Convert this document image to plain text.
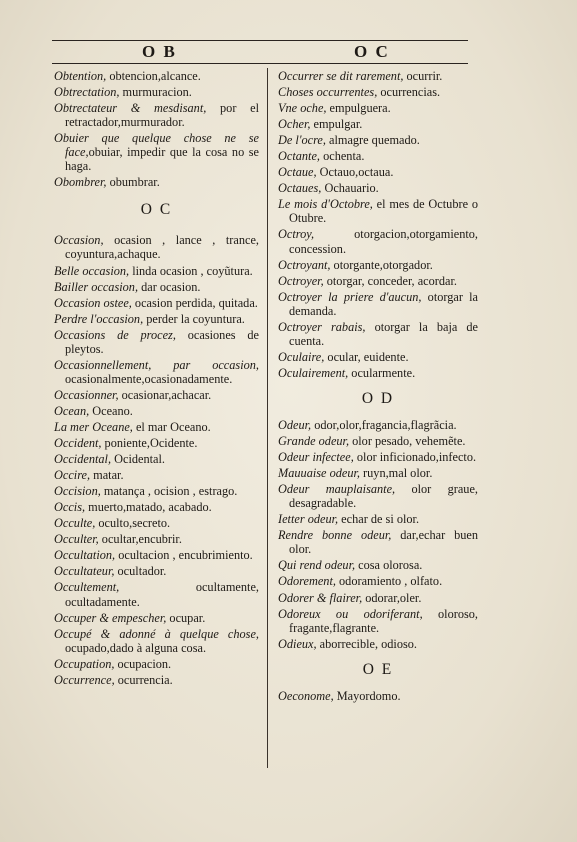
O B	O C
Obtention, obtencion,alcance.
Obtrectation, murmuracion.
Obtrectateur & mesdisant, por el retractador,murmurador.
Obuier que quelque chose ne se face,obuiar, impedir que la cosa no se haga.
Obombrer, obumbrar.
O C
Occasion, ocasion , lance , trance, coyuntura,achaque.
Belle occasion, linda ocasion , coyũtura.
Bailler occasion, dar ocasion.
Occasion ostee, ocasion perdida, quitada.
Perdre l'occasion, perder la coyuntura.
Occasions de procez, ocasiones de pleytos.
Occasionnellement, par occasion, ocasionalmente,ocasionadamente.
Occasionner, ocasionar,achacar.
Ocean, Oceano.
La mer Oceane, el mar Oceano.
Occident, poniente,Ocidente.
Occidental, Ocidental.
Occire, matar.
Occision, matança , ocision , estrago.
Occis, muerto,matado, acabado.
Occulte, oculto,secreto.
Occulter, ocultar,encubrir.
Occultation, ocultacion , encubrimiento.
Occultateur, ocultador.
Occultement, ocultamente, ocultadamente.
Occuper & empescher, ocupar.
Occupé & adonné à quelque chose, ocupado,dado à alguna cosa.
Occupation, ocupacion.
Occurrence, ocurrencia.
Occurrer se dit rarement, ocurrir.
Choses occurrentes, ocurrencias.
Vne oche, empulguera.
Ocher, empulgar.
De l'ocre, almagre quemado.
Octante, ochenta.
Octaue, Octauo,octaua.
Octaues, Ochauario.
Le mois d'Octobre, el mes de Octubre o Otubre.
Octroy, otorgacion,otorgamiento, concession.
Octroyant, otorgante,otorgador.
Octroyer, otorgar, conceder, acordar.
Octroyer la priere d'aucun, otorgar la demanda.
Octroyer rabais, otorgar la baja de cuenta.
Oculaire, ocular, euidente.
Oculairement, ocularmente.
O D
Odeur, odor,olor,fragancia,flagrãcia.
Grande odeur, olor pesado, vehemẽte.
Odeur infectee, olor inficionado,infecto.
Mauuaise odeur, ruyn,mal olor.
Odeur mauplaisante, olor graue, desagradable.
Ietter odeur, echar de si olor.
Rendre bonne odeur, dar,echar buen olor.
Qui rend odeur, cosa olorosa.
Odorement, odoramiento , olfato.
Odorer & flairer, odorar,oler.
Odoreux ou odoriferant, oloroso, fragante,flagrante.
Odieux, aborrecible, odioso.
O E
Oeconome, Mayordomo.
